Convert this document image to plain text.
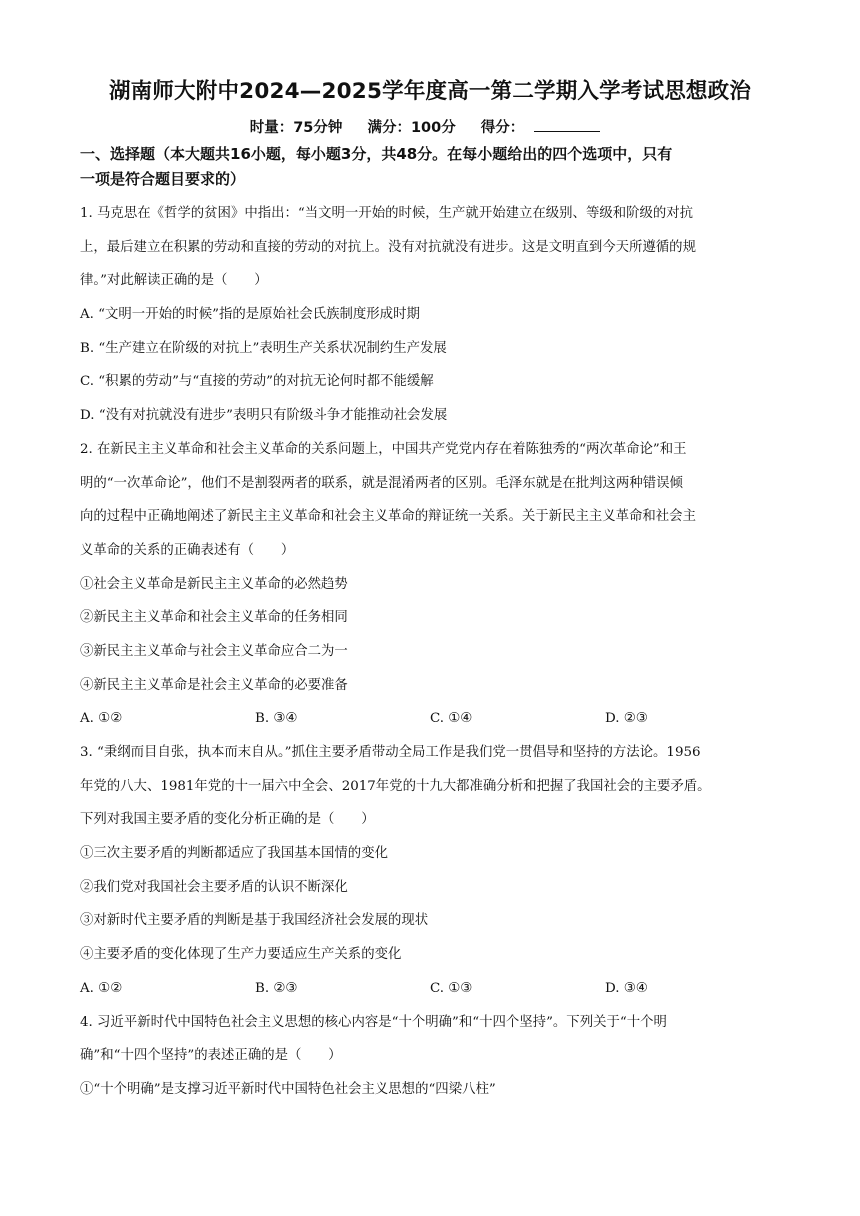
湖南师大附中2024—2025学年度高一第二学期入学考试思想政治
时量：75分钟 满分：100分 得分：
一、选择题（本大题共16小题，每小题3分，共48分。在每小题给出的四个选项中，只有
一项是符合题目要求的）
1. 马克思在《哲学的贫困》中指出：“当文明一开始的时候，生产就开始建立在级别、等级和阶级的对抗
上，最后建立在积累的劳动和直接的劳动的对抗上。没有对抗就没有进步。这是文明直到今天所遵循的规
律。”对此解读正确的是（　　）
A. “文明一开始的时候”指的是原始社会氏族制度形成时期
B. “生产建立在阶级的对抗上”表明生产关系状况制约生产发展
C. “积累的劳动”与“直接的劳动”的对抗无论何时都不能缓解
D. “没有对抗就没有进步”表明只有阶级斗争才能推动社会发展
2. 在新民主主义革命和社会主义革命的关系问题上，中国共产党党内存在着陈独秀的“两次革命论”和王
明的“一次革命论”，他们不是割裂两者的联系，就是混淆两者的区别。毛泽东就是在批判这两种错误倾
向的过程中正确地阐述了新民主主义革命和社会主义革命的辩证统一关系。关于新民主主义革命和社会主
义革命的关系的正确表述有（　　）
①社会主义革命是新民主主义革命的必然趋势
②新民主主义革命和社会主义革命的任务相同
③新民主主义革命与社会主义革命应合二为一
④新民主主义革命是社会主义革命的必要准备
A. ①②	B. ③④	C. ①④	D. ②③
3. “秉纲而目自张，执本而末自从。”抓住主要矛盾带动全局工作是我们党一贯倡导和坚持的方法论。1956
年党的八大、1981年党的十一届六中全会、2017年党的十九大都准确分析和把握了我国社会的主要矛盾。
下列对我国主要矛盾的变化分析正确的是（　　）
①三次主要矛盾的判断都适应了我国基本国情的变化
②我们党对我国社会主要矛盾的认识不断深化
③对新时代主要矛盾的判断是基于我国经济社会发展的现状
④主要矛盾的变化体现了生产力要适应生产关系的变化
A. ①②	B. ②③	C. ①③	D. ③④
4. 习近平新时代中国特色社会主义思想的核心内容是“十个明确”和“十四个坚持”。下列关于“十个明
确”和“十四个坚持”的表述正确的是（　　）
①“十个明确”是支撑习近平新时代中国特色社会主义思想的“四梁八柱”
